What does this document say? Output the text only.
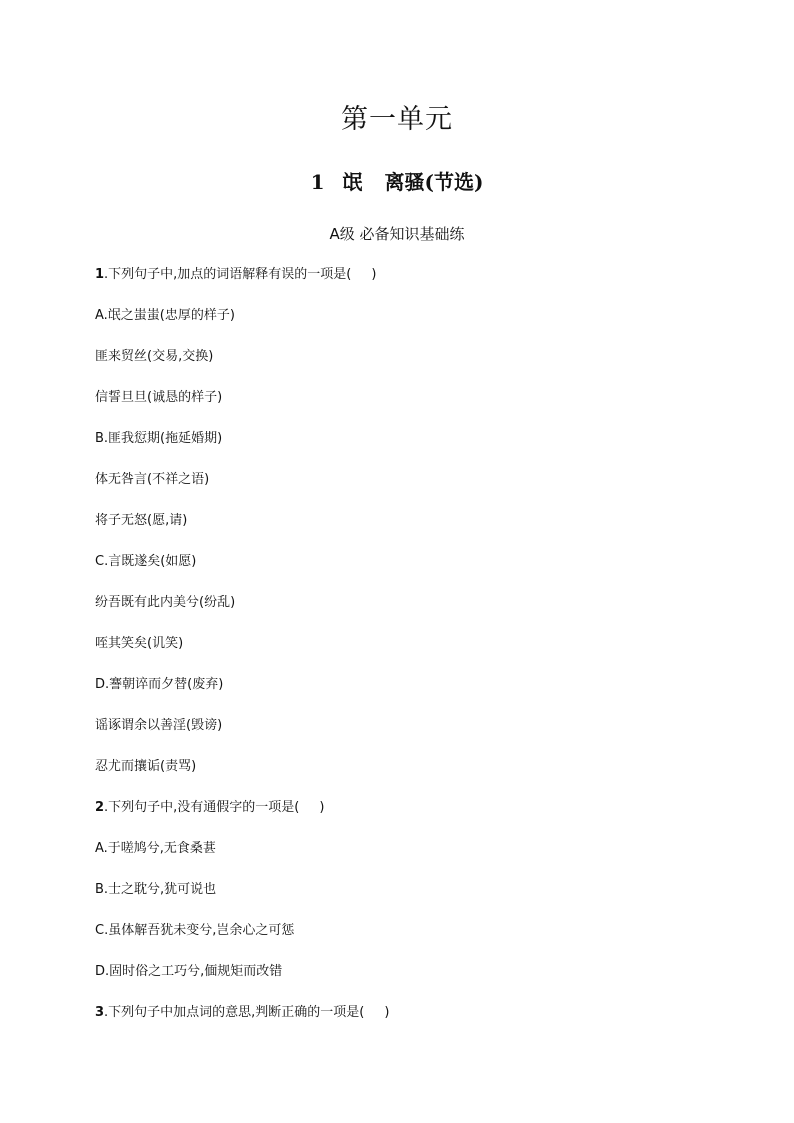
第一单元
1 氓 离骚(节选)
A级 必备知识基础练
1.下列句子中,加点的词语解释有误的一项是( )
A.氓之蚩蚩(忠厚的样子)
匪来贸丝(交易,交换)
信誓旦旦(诚恳的样子)
B.匪我愆期(拖延婚期)
体无咎言(不祥之语)
将子无怒(愿,请)
C.言既遂矣(如愿)
纷吾既有此内美兮(纷乱)
咥其笑矣(讥笑)
D.謇朝谇而夕替(废弃)
谣诼谓余以善淫(毁谤)
忍尤而攘诟(责骂)
2.下列句子中,没有通假字的一项是( )
A.于嗟鸠兮,无食桑葚
B.士之耽兮,犹可说也
C.虽体解吾犹未变兮,岂余心之可惩
D.固时俗之工巧兮,偭规矩而改错
3.下列句子中加点词的意思,判断正确的一项是( )
